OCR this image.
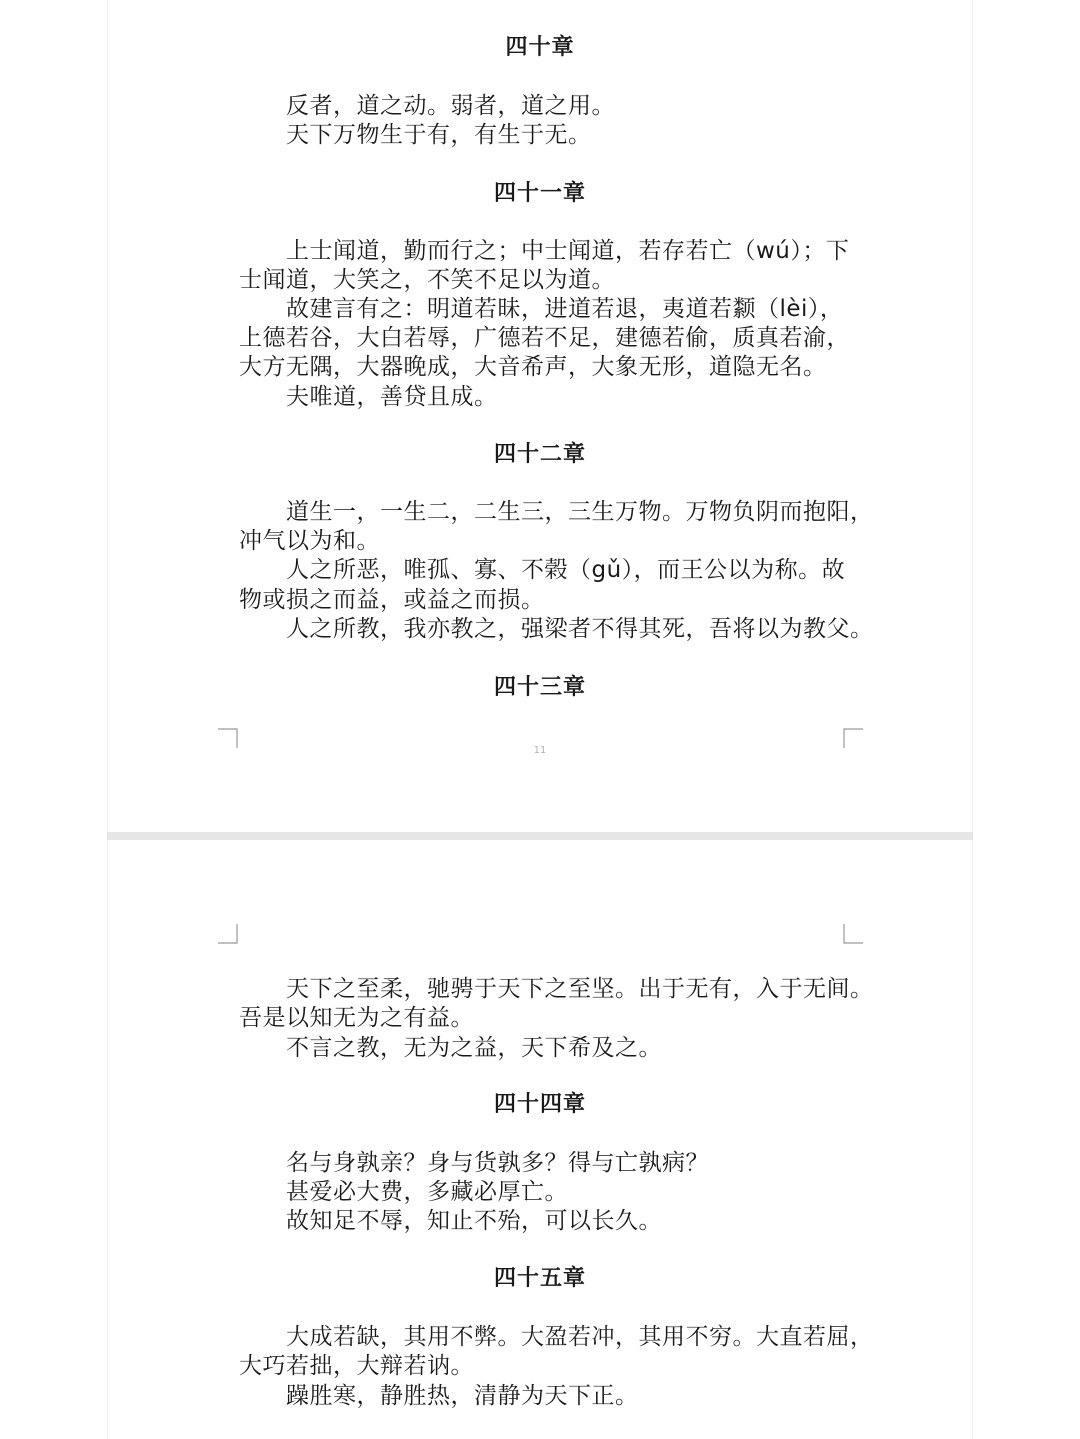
四十章
反者，道之动。弱者，道之用。
天下万物生于有，有生于无。
四十一章
上士闻道，勤而行之；中士闻道，若存若亡（wú）；下
士闻道，大笑之，不笑不足以为道。
故建言有之：明道若昧，进道若退，夷道若颣（lèi），
上德若谷，大白若辱，广德若不足，建德若偷，质真若渝，
大方无隅，大器晚成，大音希声，大象无形，道隐无名。
夫唯道，善贷且成。
四十二章
道生一，一生二，二生三，三生万物。万物负阴而抱阳，
冲气以为和。
人之所恶，唯孤、寡、不榖（gǔ），而王公以为称。故
物或损之而益，或益之而损。
人之所教，我亦教之，强梁者不得其死，吾将以为教父。
四十三章
11
天下之至柔，驰骋于天下之至坚。出于无有，入于无间。
吾是以知无为之有益。
不言之教，无为之益，天下希及之。
四十四章
名与身孰亲？身与货孰多？得与亡孰病？
甚爱必大费，多藏必厚亡。
故知足不辱，知止不殆，可以长久。
四十五章
大成若缺，其用不弊。大盈若冲，其用不穷。大直若屈，
大巧若拙，大辩若讷。
躁胜寒，静胜热，清静为天下正。
